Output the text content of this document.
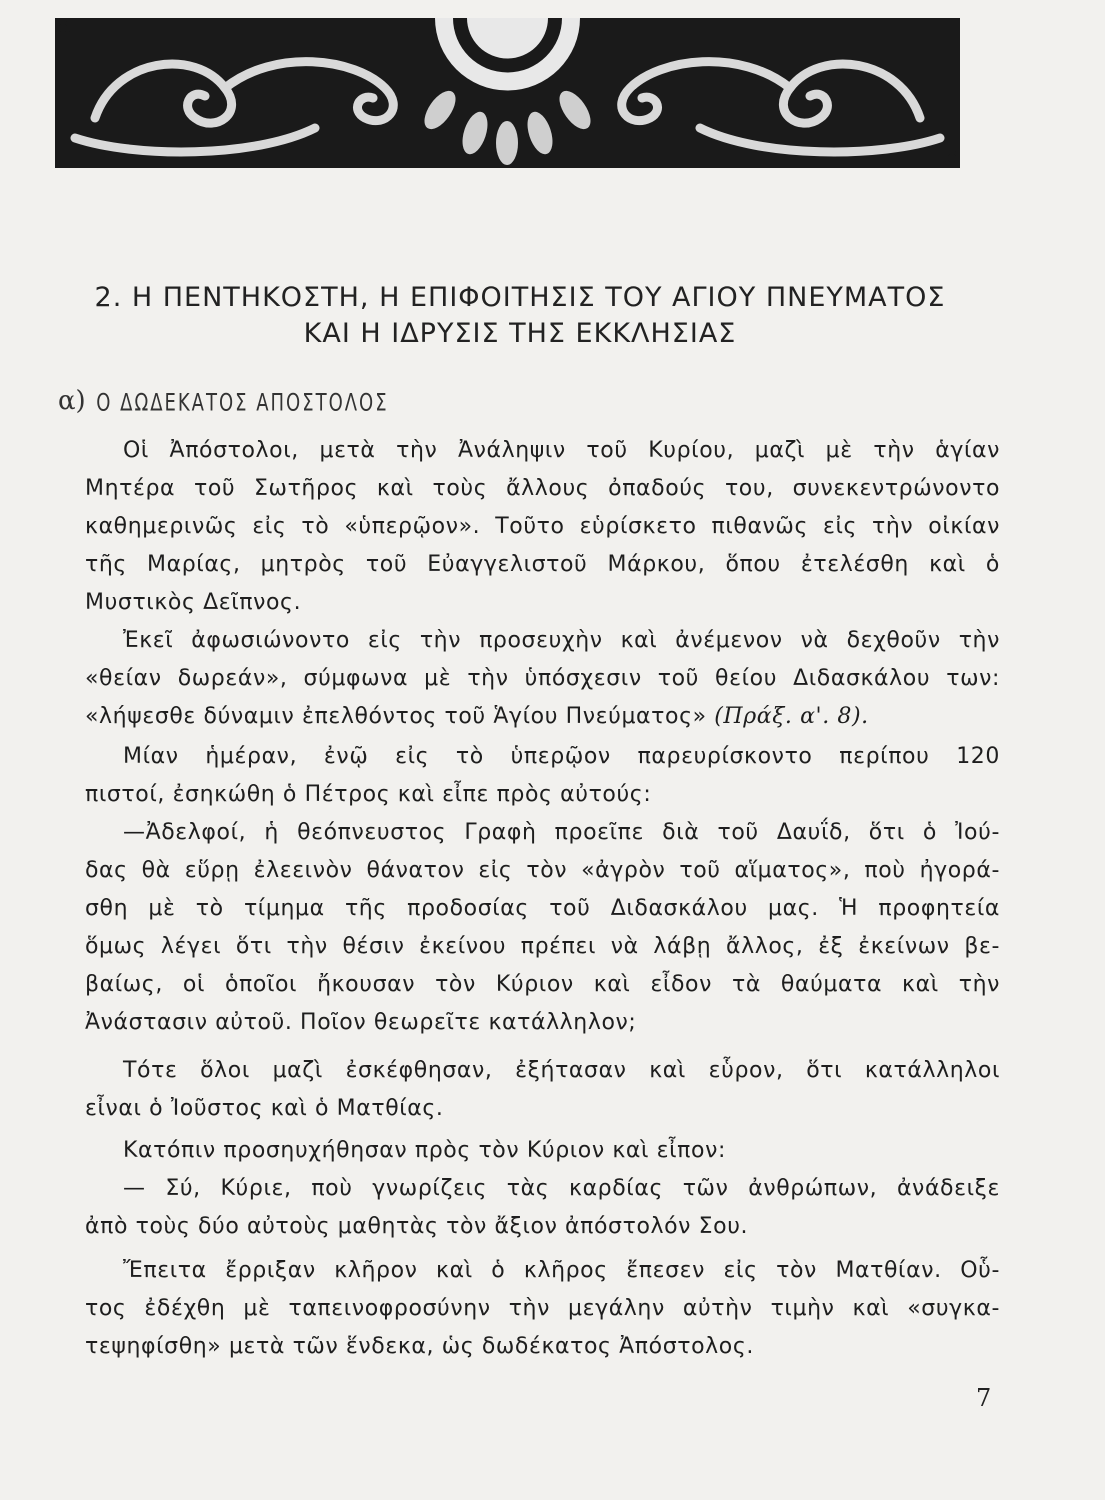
2. Η ΠΕΝΤΗΚΟΣΤΗ, Η ΕΠΙΦΟΙΤΗΣΙΣ ΤΟΥ ΑΓΙΟΥ ΠΝΕΥΜΑΤΟΣ
ΚΑΙ Η ΙΔΡΥΣΙΣ ΤΗΣ ΕΚΚΛΗΣΙΑΣ
α) Ο ΔΩΔΕΚΑΤΟΣ ΑΠΟΣΤΟΛΟΣ
Οἱ Ἀπόστολοι, μετὰ τὴν Ἀνάληψιν τοῦ Κυρίου, μαζὶ μὲ τὴν ἁγίαν
Μητέρα τοῦ Σωτῆρος καὶ τοὺς ἄλλους ὀπαδούς του, συνεκεντρώνοντο
καθημερινῶς εἰς τὸ «ὑπερῷον». Τοῦτο εὑρίσκετο πιθανῶς εἰς τὴν οἰκίαν
τῆς Μαρίας, μητρὸς τοῦ Εὐαγγελιστοῦ Μάρκου, ὅπου ἐτελέσθη καὶ ὁ
Μυστικὸς Δεῖπνος.
Ἐκεῖ ἀφωσιώνοντο εἰς τὴν προσευχὴν καὶ ἀνέμενον νὰ δεχθοῦν τὴν
«θείαν δωρεάν», σύμφωνα μὲ τὴν ὑπόσχεσιν τοῦ θείου Διδασκάλου των:
«λήψεσθε δύναμιν ἐπελθόντος τοῦ Ἁγίου Πνεύματος» (Πράξ. α'. 8).
Μίαν ἡμέραν, ἐνῷ εἰς τὸ ὑπερῷον παρευρίσκοντο περίπου 120
πιστοί, ἐσηκώθη ὁ Πέτρος καὶ εἶπε πρὸς αὐτούς:
—Ἀδελφοί, ἡ θεόπνευστος Γραφὴ προεῖπε διὰ τοῦ Δαυΐδ, ὅτι ὁ Ἰού-
δας θὰ εὕρῃ ἐλεεινὸν θάνατον εἰς τὸν «ἀγρὸν τοῦ αἵματος», ποὺ ἠγορά-
σθη μὲ τὸ τίμημα τῆς προδοσίας τοῦ Διδασκάλου μας. Ἡ προφητεία
ὅμως λέγει ὅτι τὴν θέσιν ἐκείνου πρέπει νὰ λάβῃ ἄλλος, ἐξ ἐκείνων βε-
βαίως, οἱ ὁποῖοι ἤκουσαν τὸν Κύριον καὶ εἶδον τὰ θαύματα καὶ τὴν
Ἀνάστασιν αὐτοῦ. Ποῖον θεωρεῖτε κατάλληλον;
Τότε ὅλοι μαζὶ ἐσκέφθησαν, ἐξήτασαν καὶ εὗρον, ὅτι κατάλληλοι
εἶναι ὁ Ἰοῦστος καὶ ὁ Ματθίας.
Κατόπιν προσηυχήθησαν πρὸς τὸν Κύριον καὶ εἶπον:
— Σύ, Κύριε, ποὺ γνωρίζεις τὰς καρδίας τῶν ἀνθρώπων, ἀνάδειξε
ἀπὸ τοὺς δύο αὐτοὺς μαθητὰς τὸν ἄξιον ἀπόστολόν Σου.
Ἔπειτα ἔρριξαν κλῆρον καὶ ὁ κλῆρος ἔπεσεν εἰς τὸν Ματθίαν. Οὗ-
τος ἐδέχθη μὲ ταπεινοφροσύνην τὴν μεγάλην αὐτὴν τιμὴν καὶ «συγκα-
τεψηφίσθη» μετὰ τῶν ἕνδεκα, ὡς δωδέκατος Ἀπόστολος.
7
